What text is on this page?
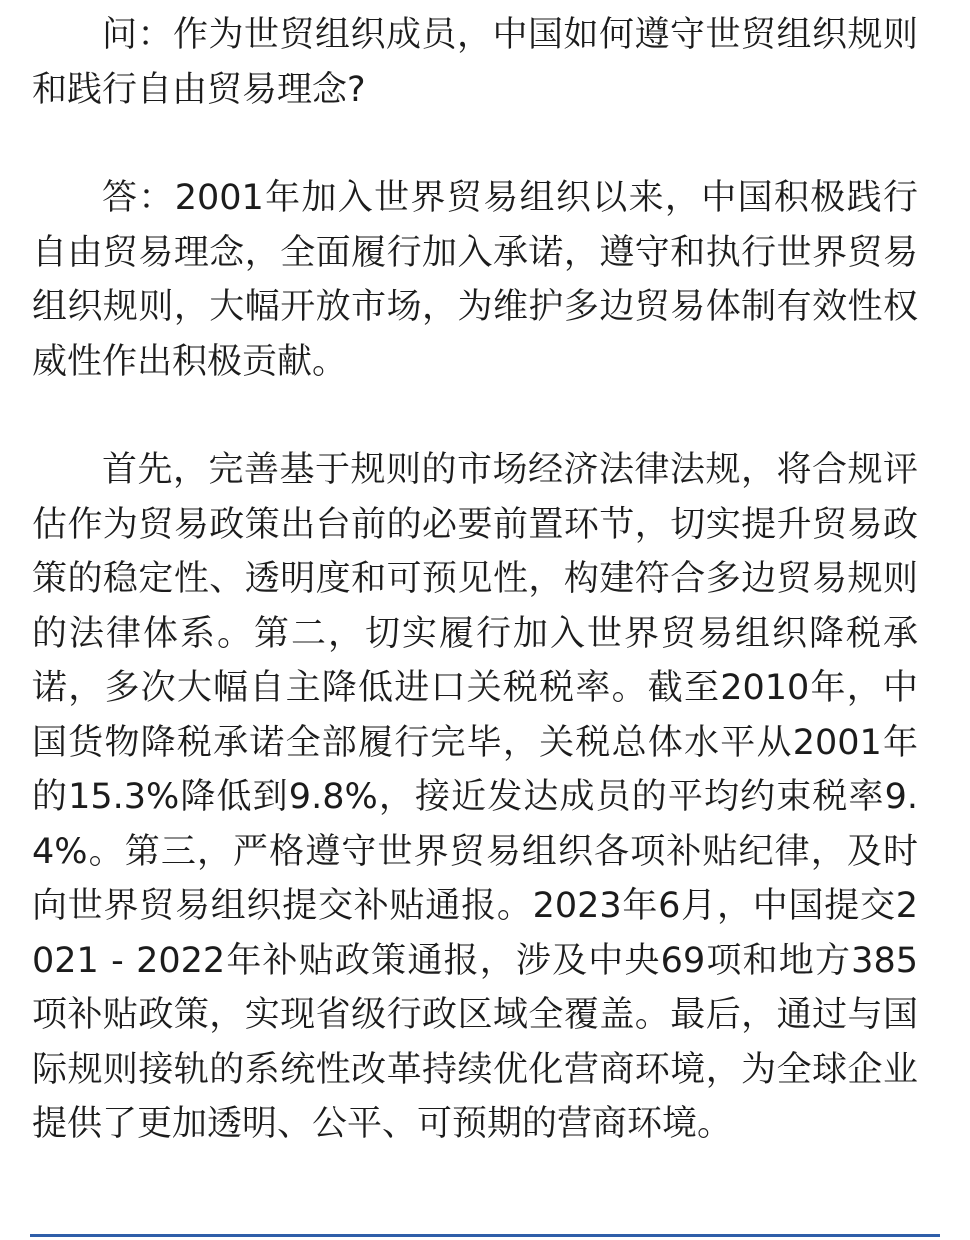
问：作为世贸组织成员，中国如何遵守世贸组织规则和践行自由贸易理念?

答：2001年加入世界贸易组织以来，中国积极践行自由贸易理念，全面履行加入承诺，遵守和执行世界贸易组织规则，大幅开放市场，为维护多边贸易体制有效性权威性作出积极贡献。

首先，完善基于规则的市场经济法律法规，将合规评估作为贸易政策出台前的必要前置环节，切实提升贸易政策的稳定性、透明度和可预见性，构建符合多边贸易规则的法律体系。第二，切实履行加入世界贸易组织降税承诺，多次大幅自主降低进口关税税率。截至2010年，中国货物降税承诺全部履行完毕，关税总体水平从2001年的15.3%降低到9.8%，接近发达成员的平均约束税率9.4%。第三，严格遵守世界贸易组织各项补贴纪律，及时向世界贸易组织提交补贴通报。2023年6月，中国提交2021 - 2022年补贴政策通报，涉及中央69项和地方385项补贴政策，实现省级行政区域全覆盖。最后，通过与国际规则接轨的系统性改革持续优化营商环境，为全球企业提供了更加透明、公平、可预期的营商环境。
